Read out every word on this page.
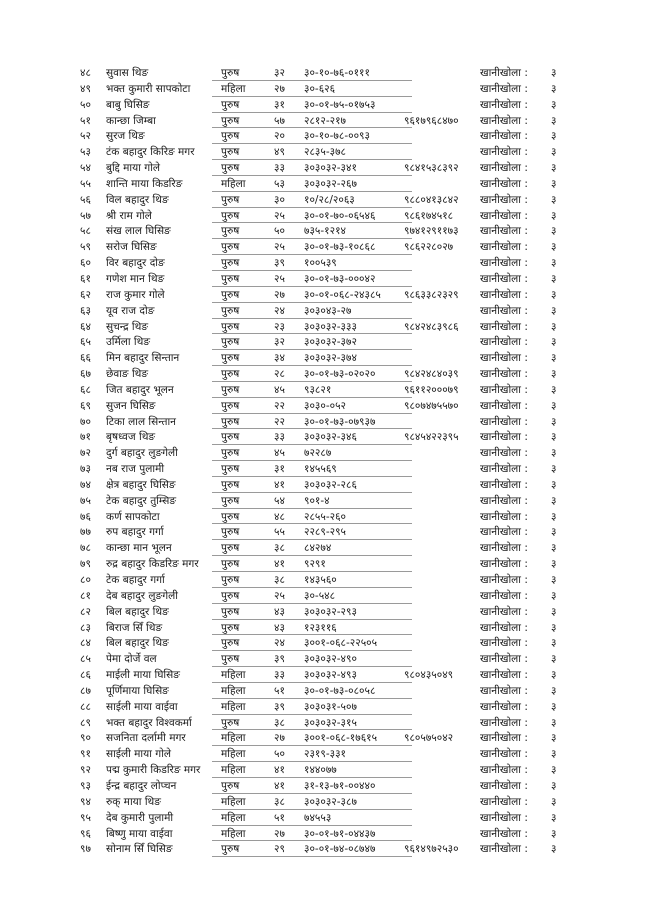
४८	सुवास थिङ	पुरुष	३२	३०-१०-७६-०१११	खानीखोला :	३
४९	भक्त कुमारी सापकोटा	महिला	२७	३०-६२६	खानीखोला :	३
५०	बाबु घिसिङ	पुरुष	३१	३०-०१-७५-०१७५३	खानीखोला :	३
५१	कान्छा जिम्बा	पुरुष	५७	२८१२-२१७	९६१७९६८४७०	खानीखोला :	३
५२	सुरज थिङ	पुरुष	२०	३०-१०-७८-००९३	खानीखोला :	३
५३	टंक बहादुर किरिङ मगर	पुरुष	४९	२८३५-३७८	खानीखोला :	३
५४	बुद्दि माया गोले	पुरुष	३३	३०३०३२-३४१	९८४१५३८३९२	खानीखोला :	३
५५	शान्ति माया किडरिङ	महिला	५३	३०३०३२-२६७	खानीखोला :	३
५६	विल बहादुर थिङ	पुरुष	३०	१०/२८/२०६३	९८८०४१३८४२	खानीखोला :	३
५७	श्री राम गोले	पुरुष	२५	३०-०१-७०-०६५४६	९८६१७४५१८	खानीखोला :	३
५८	संख लाल घिसिङ	पुरुष	५०	७३५-१२१४	९७४१२९११७३	खानीखोला :	३
५९	सरोज घिसिङ	पुरुष	२५	३०-०१-७३-१०८६८	९८६२२८०२७	खानीखोला :	३
६०	विर बहादुर दोङ	पुरुष	३९	१००५३९	खानीखोला :	३
६१	गणेश मान थिङ	पुरुष	२५	३०-०१-७३-०००४२	खानीखोला :	३
६२	राज कुमार गोले	पुरुष	२७	३०-०१-०६८-२४३८५	९८६३३८२३२९	खानीखोला :	३
६३	यूव राज दोङ	पुरुष	२४	३०३०४३-२७	खानीखोला :	३
६४	सुचन्द्र थिङ	पुरुष	२३	३०३०३२-३३३	९८४२४८३९८६	खानीखोला :	३
६५	उर्मिला थिङ	पुरुष	३२	३०३०३२-३७२	खानीखोला :	३
६६	मिन बहादुर सिन्तान	पुरुष	३४	३०३०३२-३७४	खानीखोला :	३
६७	छेवाङ थिङ	पुरुष	२८	३०-०१-७३-०२०२०	९८४२४८४०३९	खानीखोला :	३
६८	जित बहादुर भूलन	पुरुष	४५	९३८२१	९६११२०००७९	खानीखोला :	३
६९	सुजन घिसिङ	पुरुष	२२	३०३०-०५२	९८०७४७५५७०	खानीखोला :	३
७०	टिका लाल सिन्तान	पुरुष	२२	३०-०१-७३-०७९३७	खानीखोला :	३
७१	बृषध्वज थिङ	पुरुष	३३	३०३०३२-३४६	९८४५४२२३९५	खानीखोला :	३
७२	दुर्ग बहादुर लुङगेली	पुरुष	४५	७२२८७	खानीखोला :	३
७३	नब राज पुलामी	पुरुष	३१	१४५५६९	खानीखोला :	३
७४	क्षेत्र बहादुर घिसिङ	पुरुष	४१	३०३०३२-२८६	खानीखोला :	३
७५	टेक बहादुर तुम्सिङ	पुरुष	५४	९०१-४	खानीखोला :	३
७६	कर्ण सापकोटा	पुरुष	४८	२८५५-२६०	खानीखोला :	३
७७	रुप बहादुर गर्गा	पुरुष	५५	२२८९-२९५	खानीखोला :	३
७८	कान्छा मान भूलन	पुरुष	३८	८४२७४	खानीखोला :	३
७९	रुद्र बहादुर किडरिङ मगर	पुरुष	४१	९२९१	खानीखोला :	३
८०	टेक बहादुर गर्गा	पुरुष	३८	१४३५६०	खानीखोला :	३
८१	देब बहादुर लुङगेली	पुरुष	२५	३०-५४८	खानीखोला :	३
८२	बिल बहादुर थिङ	पुरुष	४३	३०३०३२-२९३	खानीखोला :	३
८३	बिराज सिँ थिङ	पुरुष	४३	१२३११६	खानीखोला :	३
८४	बिल बहादुर थिङ	पुरुष	२४	३००१-०६८-२२५०५	खानीखोला :	३
८५	पेमा दोर्जे वल	पुरुष	३९	३०३०३२-४९०	खानीखोला :	३
८६	माईली माया घिसिङ	महिला	३३	३०३०३२-४९३	९८०४३५०४९	खानीखोला :	३
८७	पूर्णिमाया घिसिङ	महिला	५१	३०-०१-७३-०८०५८	खानीखोला :	३
८८	साईली माया वाईवा	महिला	३९	३०३०३१-५०७	खानीखोला :	३
८९	भक्त बहादुर विश्वकर्मा	पुरुष	३८	३०३०३२-३१५	खानीखोला :	३
९०	सजनिता दर्लामी मगर	महिला	२७	३००१-०६८-१७६१५	९८०५७५०४२	खानीखोला :	३
९१	साईली माया गोले	महिला	५०	२३१९-३३१	खानीखोला :	३
९२	पद्म कुमारी किडरिङ मगर	महिला	४१	१४४०७७	खानीखोला :	३
९३	ईन्द्र बहादुर लोप्चन	पुरुष	४१	३१-१३-७१-००४४०	खानीखोला :	३
९४	रुक् माया थिङ	महिला	३८	३०३०३२-३८७	खानीखोला :	३
९५	देब कुमारी पुलामी	महिला	५१	७४५५३	खानीखोला :	३
९६	बिष्णु माया वाईवा	महिला	२७	३०-०१-७१-०४४३७	खानीखोला :	३
९७	सोनाम सिँ घिसिङ	पुरुष	२९	३०-०१-७४-०८७४७	९६१४९७२५३०	खानीखोला :	३
